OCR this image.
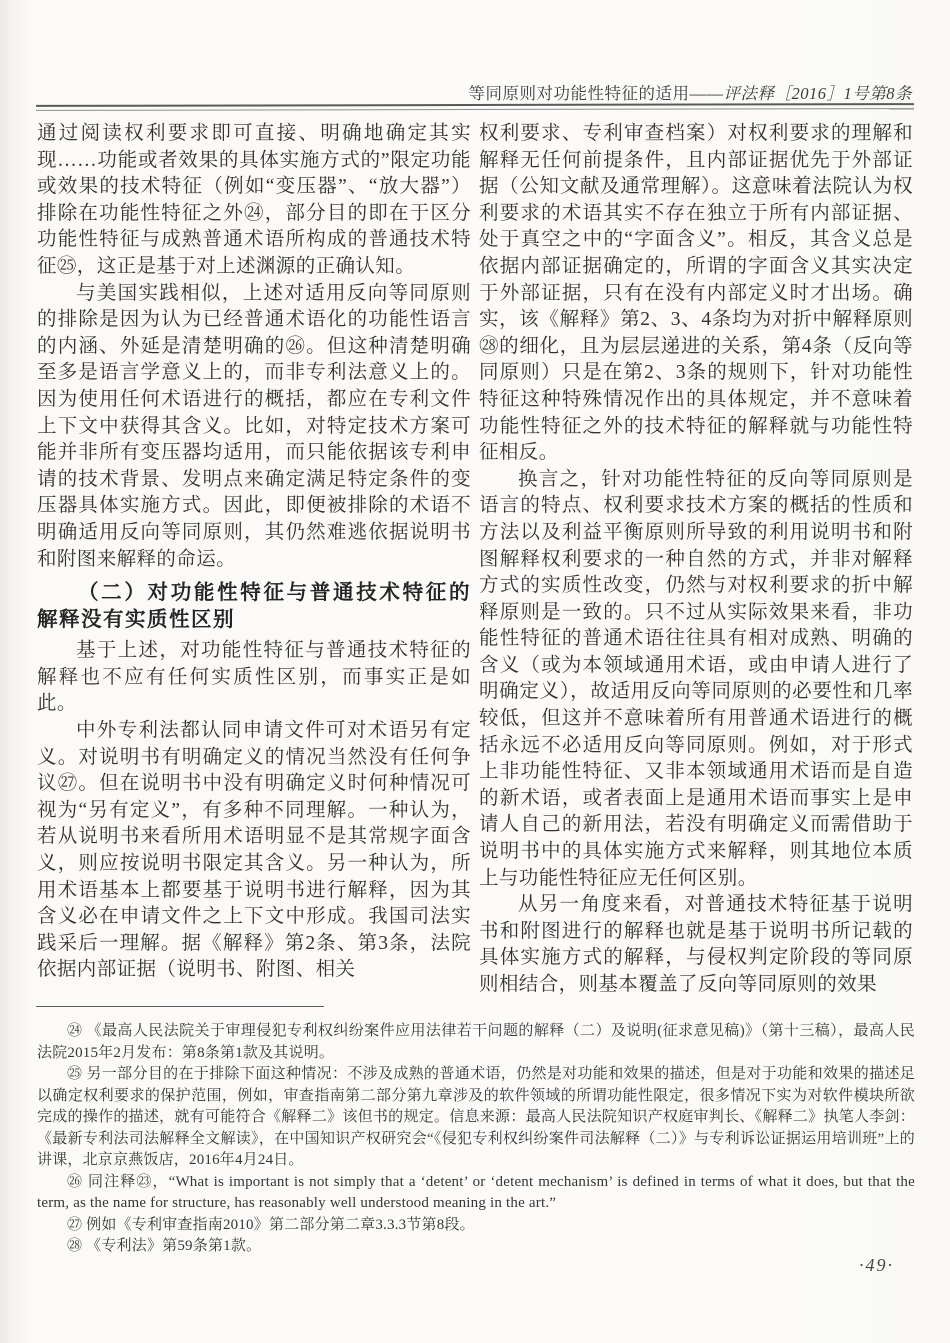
等同原则对功能性特征的适用——评法释［2016］1号第8条

通过阅读权利要求即可直接、明确地确定其实现……功能或者效果的具体实施方式的”限定功能或效果的技术特征（例如“变压器”、“放大器”）排除在功能性特征之外㉔，部分目的即在于区分功能性特征与成熟普通术语所构成的普通技术特征㉕，这正是基于对上述渊源的正确认知。

与美国实践相似，上述对适用反向等同原则的排除是因为认为已经普通术语化的功能性语言的内涵、外延是清楚明确的㉖。但这种清楚明确至多是语言学意义上的，而非专利法意义上的。因为使用任何术语进行的概括，都应在专利文件上下文中获得其含义。比如，对特定技术方案可能并非所有变压器均适用，而只能依据该专利申请的技术背景、发明点来确定满足特定条件的变压器具体实施方式。因此，即便被排除的术语不明确适用反向等同原则，其仍然难逃依据说明书和附图来解释的命运。

（二）对功能性特征与普通技术特征的解释没有实质性区别

基于上述，对功能性特征与普通技术特征的解释也不应有任何实质性区别，而事实正是如此。

中外专利法都认同申请文件可对术语另有定义。对说明书有明确定义的情况当然没有任何争议㉗。但在说明书中没有明确定义时何种情况可视为“另有定义”，有多种不同理解。一种认为，若从说明书来看所用术语明显不是其常规字面含义，则应按说明书限定其含义。另一种认为，所用术语基本上都要基于说明书进行解释，因为其含义必在申请文件之上下文中形成。我国司法实践采后一理解。据《解释》第2条、第3条，法院依据内部证据（说明书、附图、相关

权利要求、专利审查档案）对权利要求的理解和解释无任何前提条件，且内部证据优先于外部证据（公知文献及通常理解）。这意味着法院认为权利要求的术语其实不存在独立于所有内部证据、处于真空之中的“字面含义”。相反，其含义总是依据内部证据确定的，所谓的字面含义其实决定于外部证据，只有在没有内部定义时才出场。确实，该《解释》第2、3、4条均为对折中解释原则㉘的细化，且为层层递进的关系，第4条（反向等同原则）只是在第2、3条的规则下，针对功能性特征这种特殊情况作出的具体规定，并不意味着功能性特征之外的技术特征的解释就与功能性特征相反。

换言之，针对功能性特征的反向等同原则是语言的特点、权利要求技术方案的概括的性质和方法以及利益平衡原则所导致的利用说明书和附图解释权利要求的一种自然的方式，并非对解释方式的实质性改变，仍然与对权利要求的折中解释原则是一致的。只不过从实际效果来看，非功能性特征的普通术语往往具有相对成熟、明确的含义（或为本领域通用术语，或由申请人进行了明确定义），故适用反向等同原则的必要性和几率较低，但这并不意味着所有用普通术语进行的概括永远不必适用反向等同原则。例如，对于形式上非功能性特征、又非本领域通用术语而是自造的新术语，或者表面上是通用术语而事实上是申请人自己的新用法，若没有明确定义而需借助于说明书中的具体实施方式来解释，则其地位本质上与功能性特征应无任何区别。

从另一角度来看，对普通技术特征基于说明书和附图进行的解释也就是基于说明书所记载的具体实施方式的解释，与侵权判定阶段的等同原则相结合，则基本覆盖了反向等同原则的效果

㉔ 《最高人民法院关于审理侵犯专利权纠纷案件应用法律若干问题的解释（二）及说明(征求意见稿)》（第十三稿），最高人民法院2015年2月发布：第8条第1款及其说明。

㉕ 另一部分目的在于排除下面这种情况：不涉及成熟的普通术语，仍然是对功能和效果的描述，但是对于功能和效果的描述足以确定权利要求的保护范围，例如，审查指南第二部分第九章涉及的软件领域的所谓功能性限定，很多情况下实为对软件模块所欲完成的操作的描述，就有可能符合《解释二》该但书的规定。信息来源：最高人民法院知识产权庭审判长、《解释二》执笔人李剑：《最新专利法司法解释全文解读》，在中国知识产权研究会“《侵犯专利权纠纷案件司法解释（二）》与专利诉讼证据运用培训班”上的讲课，北京京燕饭店，2016年4月24日。

㉖ 同注释㉓，“What is important is not simply that a ‘detent’ or ‘detent mechanism’ is defined in terms of what it does, but that the term, as the name for structure, has reasonably well understood meaning in the art.”

㉗ 例如《专利审查指南2010》第二部分第二章3.3.3节第8段。

㉘ 《专利法》第59条第1款。

·49·
